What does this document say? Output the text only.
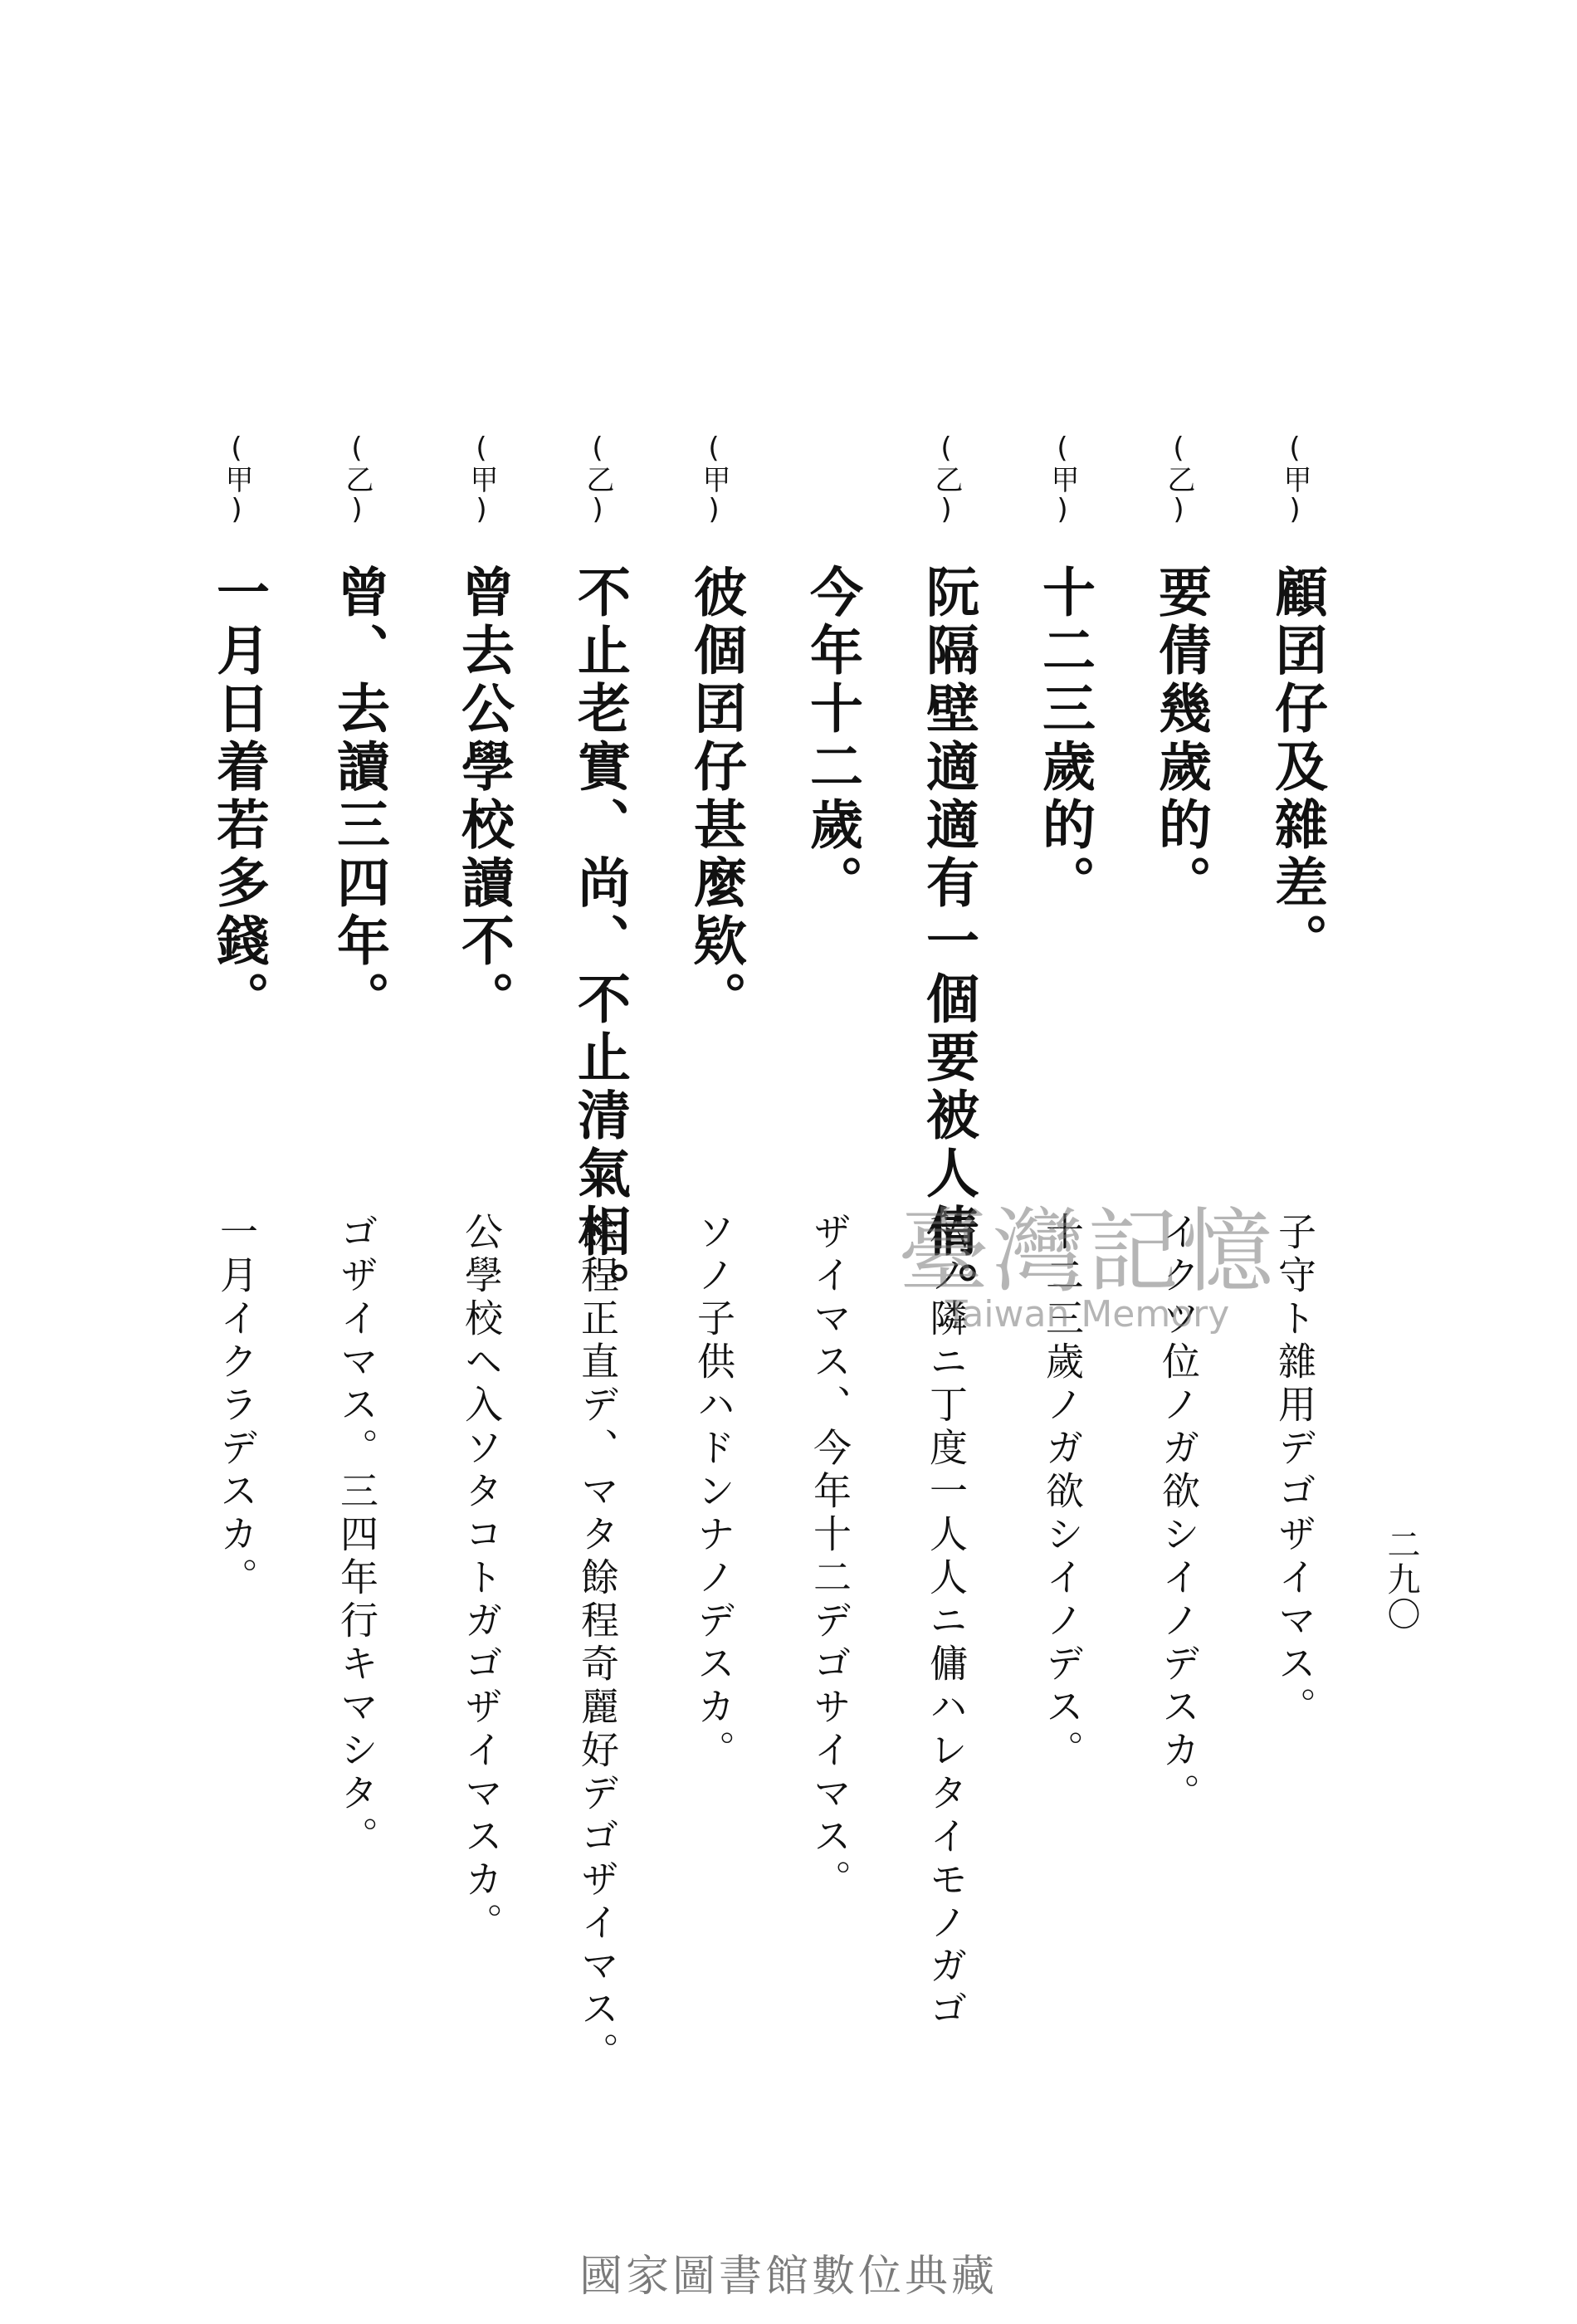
二九〇
(甲)
顧囝仔及雜差。
子守ト雜用デゴザイマス。
(乙)
要倩幾歲的。
イクツ位ノガ欲シイノデスカ。
(甲)
十二三歲的。
十二三歲ノガ欲シイノデス。
(乙)
阮隔壁適適有一個要被人倩。
私ノ隣ニ丁度一人人ニ傭ハレタイモノガゴ
今年十二歲。
ザイマス、今年十二デゴサイマス。
(甲)
彼個囝仔甚麼欵。
ソノ子供ハドンナノデスカ。
(乙)
不止老實、尚、不止清氣相。
餘程正直デ、マタ餘程奇麗好デゴザイマス。
(甲)
曾去公學校讀不。
公學校ヘ入ソタコトガゴザイマスカ。
(乙)
曾、去讀三四年。
ゴザイマス。三四年行キマシタ。
(甲)
一月日着若多錢。
一月イクラデスカ。	臺灣記憶
Taiwan Memory
國家圖書館數位典藏
